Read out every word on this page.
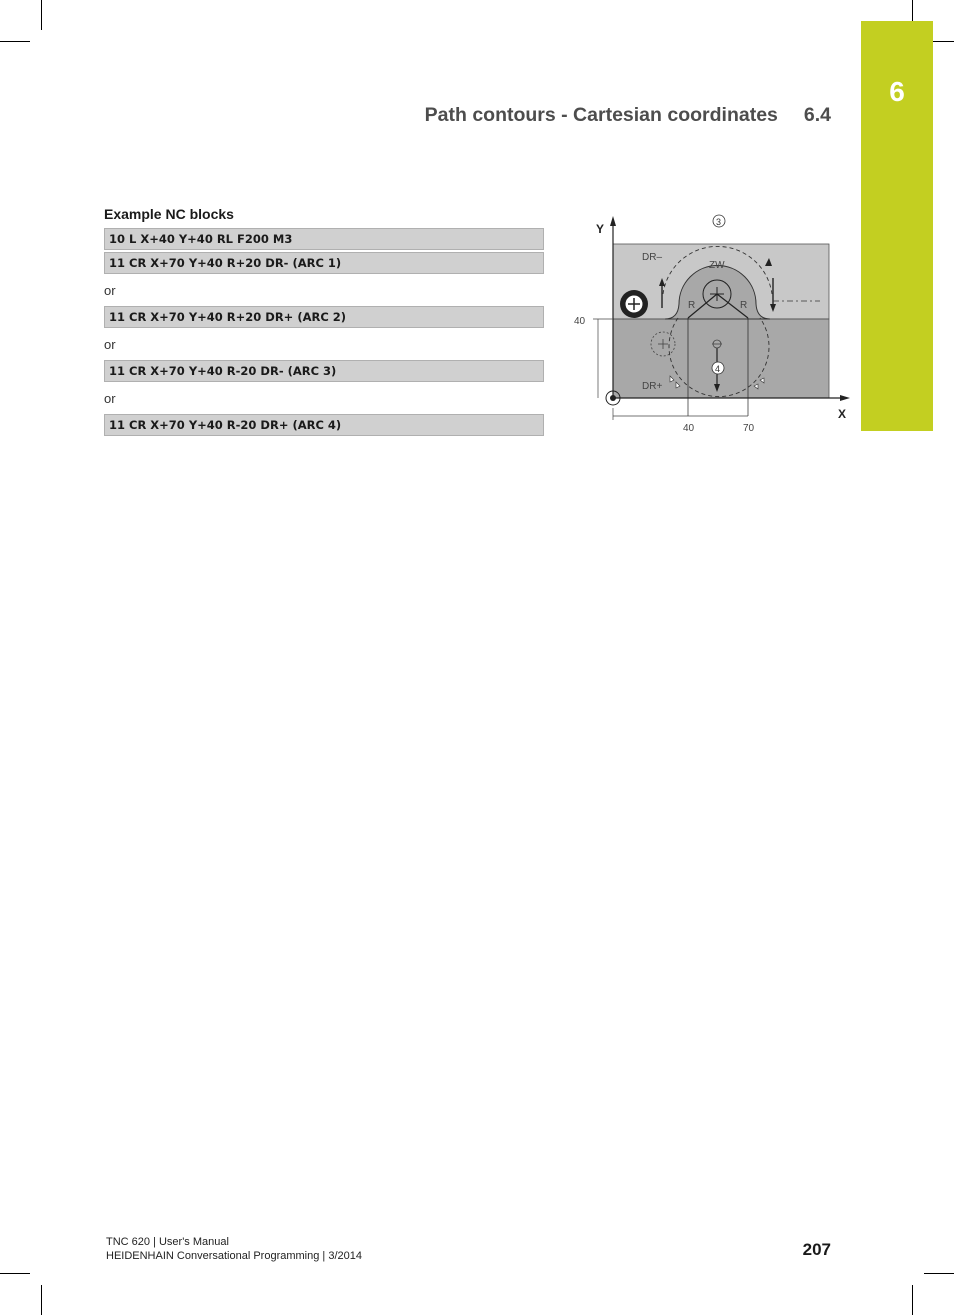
6
Path contours - Cartesian coordinates 6.4
Example NC blocks
10 L X+40 Y+40 RL F200 M3
11 CR X+70 Y+40 R+20 DR- (ARC 1)
or
11 CR X+70 Y+40 R+20 DR+ (ARC 2)
or
11 CR X+70 Y+40 R-20 DR- (ARC 3)
or
11 CR X+70 Y+40 R-20 DR+ (ARC 4)
Y
X
40
40	70
DR–
DR+
ZW
R	R
3
4
TNC 620 | User's Manual
HEIDENHAIN Conversational Programming | 3/2014	207
